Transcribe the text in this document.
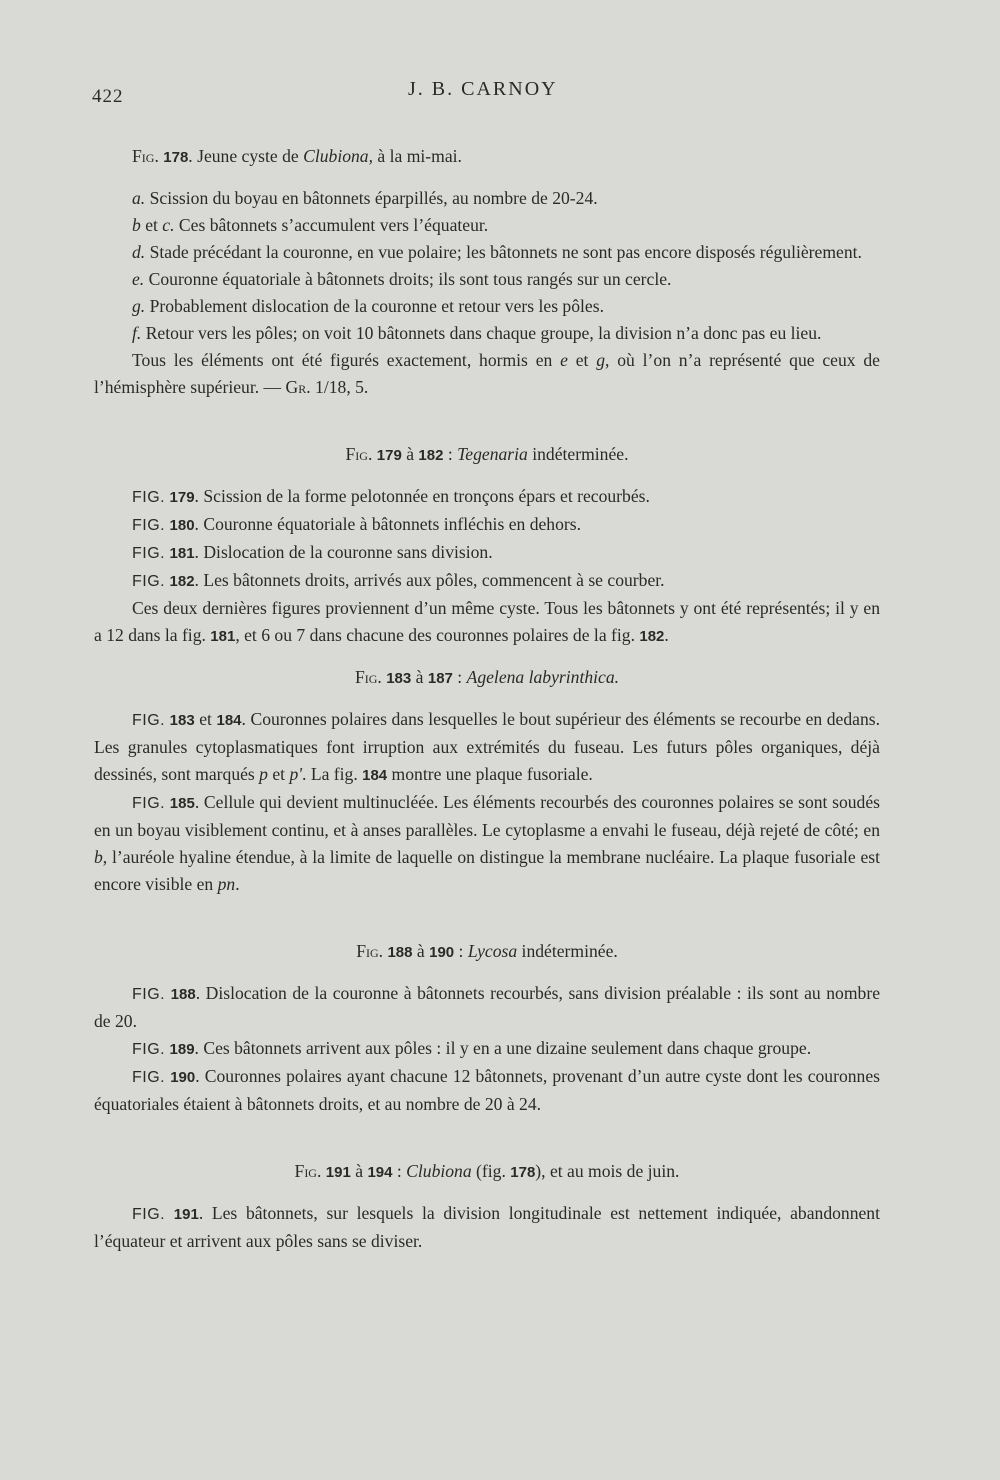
422	J. B. CARNOY

Fig. 178. Jeune cyste de Clubiona, à la mi-mai.

a. Scission du boyau en bâtonnets éparpillés, au nombre de 20-24.

b et c. Ces bâtonnets s’accumulent vers l’équateur.

d. Stade précédant la couronne, en vue polaire; les bâtonnets ne sont pas encore disposés régulièrement.

e. Couronne équatoriale à bâtonnets droits; ils sont tous rangés sur un cercle.

g. Probablement dislocation de la couronne et retour vers les pôles.

f. Retour vers les pôles; on voit 10 bâtonnets dans chaque groupe, la division n’a donc pas eu lieu.

Tous les éléments ont été figurés exactement, hormis en e et g, où l’on n’a représenté que ceux de l’hémisphère supérieur. — Gr. 1/18, 5.

Fig. 179 à 182 : Tegenaria indéterminée.

FIG. 179. Scission de la forme pelotonnée en tronçons épars et recourbés.

FIG. 180. Couronne équatoriale à bâtonnets infléchis en dehors.

FIG. 181. Dislocation de la couronne sans division.

FIG. 182. Les bâtonnets droits, arrivés aux pôles, commencent à se courber.

Ces deux dernières figures proviennent d’un même cyste. Tous les bâtonnets y ont été représentés; il y en a 12 dans la fig. 181, et 6 ou 7 dans chacune des couronnes polaires de la fig. 182.

Fig. 183 à 187 : Agelena labyrinthica.

FIG. 183 et 184. Couronnes polaires dans lesquelles le bout supérieur des éléments se recourbe en dedans. Les granules cytoplasmatiques font irruption aux extrémités du fuseau. Les futurs pôles organiques, déjà dessinés, sont marqués p et p'. La fig. 184 montre une plaque fusoriale.

FIG. 185. Cellule qui devient multinucléée. Les éléments recourbés des couronnes polaires se sont soudés en un boyau visiblement continu, et à anses parallèles. Le cytoplasme a envahi le fuseau, déjà rejeté de côté; en b, l’auréole hyaline étendue, à la limite de laquelle on distingue la membrane nucléaire. La plaque fusoriale est encore visible en pn.

Fig. 188 à 190 : Lycosa indéterminée.

FIG. 188. Dislocation de la couronne à bâtonnets recourbés, sans division préalable : ils sont au nombre de 20.

FIG. 189. Ces bâtonnets arrivent aux pôles : il y en a une dizaine seulement dans chaque groupe.

FIG. 190. Couronnes polaires ayant chacune 12 bâtonnets, provenant d’un autre cyste dont les couronnes équatoriales étaient à bâtonnets droits, et au nombre de 20 à 24.

Fig. 191 à 194 : Clubiona (fig. 178), et au mois de juin.

FIG. 191. Les bâtonnets, sur lesquels la division longitudinale est nettement indiquée, abandonnent l’équateur et arrivent aux pôles sans se diviser.
